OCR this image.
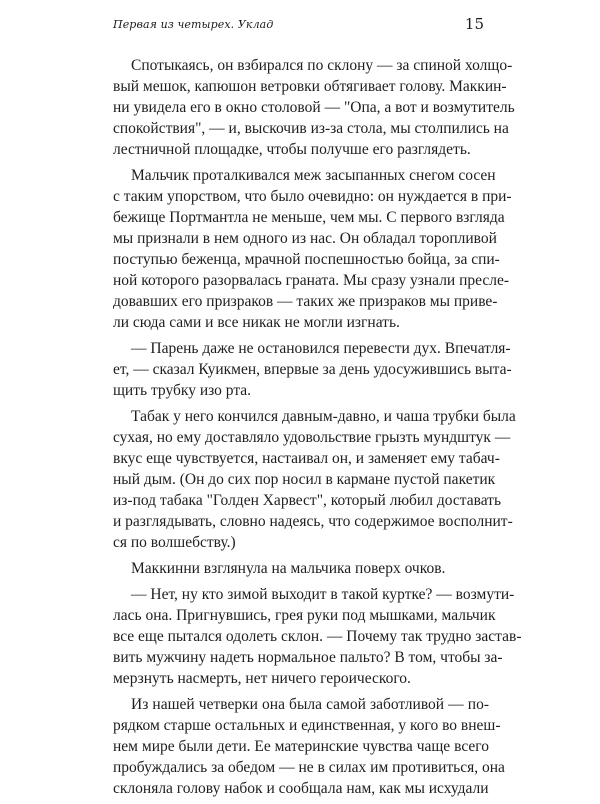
Первая из четырех. Уклад	15

Спотыкаясь, он взбирался по склону — за спиной холщо-
вый мешок, капюшон ветровки обтягивает голову. Маккин-
ни увидела его в окно столовой — "Опа, а вот и возмутитель
спокойствия", — и, выскочив из-за стола, мы столпились на
лестничной площадке, чтобы получше его разглядеть.

Мальчик проталкивался меж засыпанных снегом сосен
с таким упорством, что было очевидно: он нуждается в при-
бежище Портмантла не меньше, чем мы. С первого взгляда
мы признали в нем одного из нас. Он обладал торопливой
поступью беженца, мрачной поспешностью бойца, за спи-
ной которого разорвалась граната. Мы сразу узнали пресле-
довавших его призраков — таких же призраков мы приве-
ли сюда сами и все никак не могли изгнать.

— Парень даже не остановился перевести дух. Впечатля-
ет, — сказал Куикмен, впервые за день удосужившись выта-
щить трубку изо рта.

Табак у него кончился давным-давно, и чаша трубки была
сухая, но ему доставляло удовольствие грызть мундштук —
вкус еще чувствуется, настаивал он, и заменяет ему табач-
ный дым. (Он до сих пор носил в кармане пустой пакетик
из-под табака "Голден Харвест", который любил доставать
и разглядывать, словно надеясь, что содержимое восполнит-
ся по волшебству.)

Маккинни взглянула на мальчика поверх очков.

— Нет, ну кто зимой выходит в такой куртке? — возмути-
лась она. Пригнувшись, грея руки под мышками, мальчик
все еще пытался одолеть склон. — Почему так трудно застав-
вить мужчину надеть нормальное пальто? В том, чтобы за-
мерзнуть насмерть, нет ничего героического.

Из нашей четверки она была самой заботливой — по-
рядком старше остальных и единственная, у кого во внеш-
нем мире были дети. Ее материнские чувства чаще всего
пробуждались за обедом — не в силах им противиться, она
склоняла голову набок и сообщала нам, как мы исхудали
